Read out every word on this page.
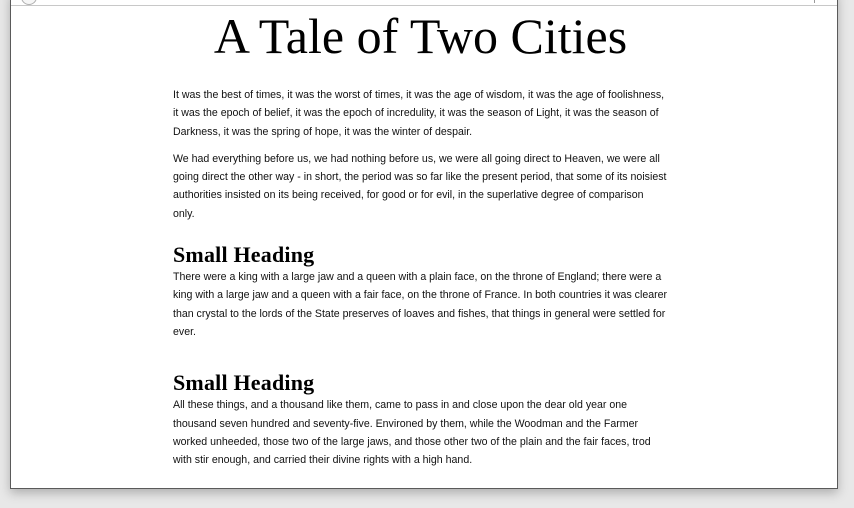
A Tale of Two Cities

It was the best of times, it was the worst of times, it was the age of wisdom, it was the age of foolishness, it was the epoch of belief, it was the epoch of incredulity, it was the season of Light, it was the season of Darkness, it was the spring of hope, it was the winter of despair.

We had everything before us, we had nothing before us, we were all going direct to Heaven, we were all going direct the other way - in short, the period was so far like the present period, that some of its noisiest authorities insisted on its being received, for good or for evil, in the superlative degree of comparison only.

Small Heading

There were a king with a large jaw and a queen with a plain face, on the throne of England; there were a king with a large jaw and a queen with a fair face, on the throne of France. In both countries it was clearer than crystal to the lords of the State preserves of loaves and fishes, that things in general were settled for ever.

Small Heading

All these things, and a thousand like them, came to pass in and close upon the dear old year one thousand seven hundred and seventy-five. Environed by them, while the Woodman and the Farmer worked unheeded, those two of the large jaws, and those other two of the plain and the fair faces, trod with stir enough, and carried their divine rights with a high hand.
